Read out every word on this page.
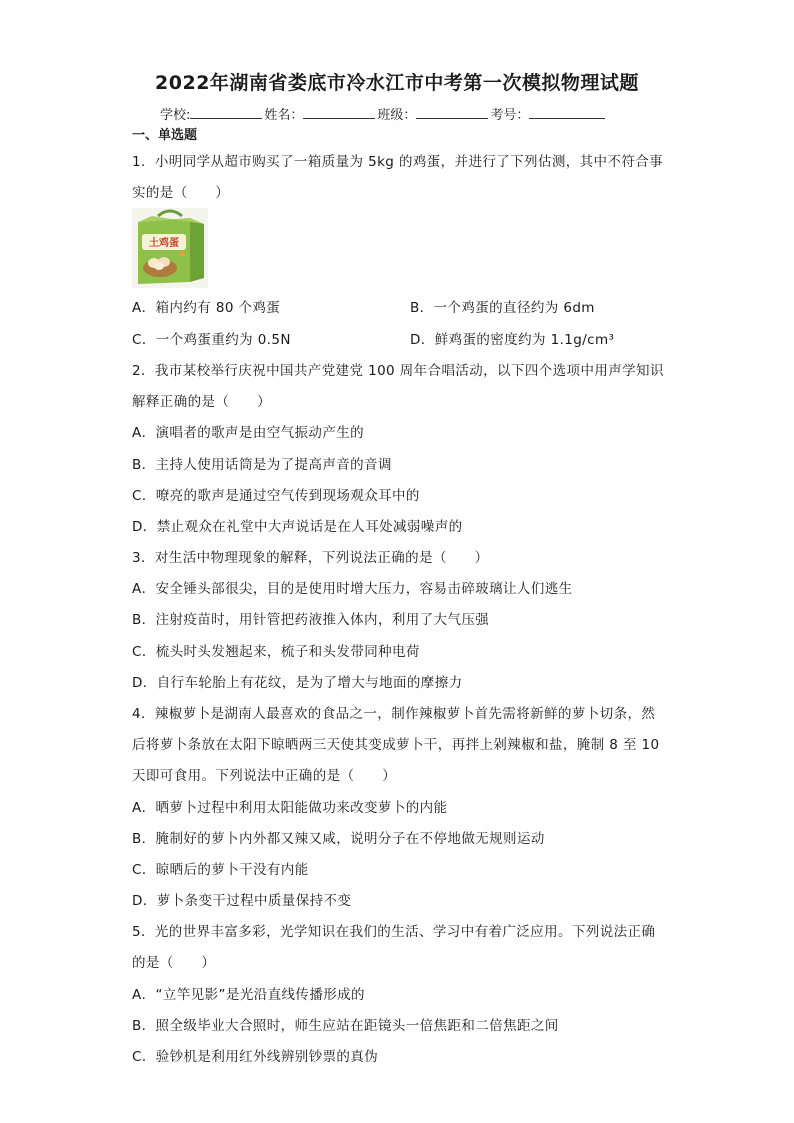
2022年湖南省娄底市冷水江市中考第一次模拟物理试题
学校:	姓名：	班级：	考号：
一、单选题
1．小明同学从超市购买了一箱质量为 5kg 的鸡蛋，并进行了下列估测，其中不符合事
实的是（　　）
土鸡蛋
A．箱内约有 80 个鸡蛋	B．一个鸡蛋的直径约为 6dm
C．一个鸡蛋重约为 0.5N	D．鲜鸡蛋的密度约为 1.1g/cm³
2．我市某校举行庆祝中国共产党建党 100 周年合唱活动，以下四个选项中用声学知识
解释正确的是（　　）
A．演唱者的歌声是由空气振动产生的
B．主持人使用话筒是为了提高声音的音调
C．嘹亮的歌声是通过空气传到现场观众耳中的
D．禁止观众在礼堂中大声说话是在人耳处减弱噪声的
3．对生活中物理现象的解释，下列说法正确的是（　　）
A．安全锤头部很尖，目的是使用时增大压力，容易击碎玻璃让人们逃生
B．注射疫苗时，用针管把药液推入体内，利用了大气压强
C．梳头时头发翘起来，梳子和头发带同种电荷
D．自行车轮胎上有花纹，是为了增大与地面的摩擦力
4．辣椒萝卜是湖南人最喜欢的食品之一，制作辣椒萝卜首先需将新鲜的萝卜切条，然
后将萝卜条放在太阳下晾晒两三天使其变成萝卜干，再拌上剁辣椒和盐，腌制 8 至 10
天即可食用。下列说法中正确的是（　　）
A．晒萝卜过程中利用太阳能做功来改变萝卜的内能
B．腌制好的萝卜内外都又辣又咸，说明分子在不停地做无规则运动
C．晾晒后的萝卜干没有内能
D．萝卜条变干过程中质量保持不变
5．光的世界丰富多彩，光学知识在我们的生活、学习中有着广泛应用。下列说法正确
的是（　　）
A．“立竿见影”是光沿直线传播形成的
B．照全级毕业大合照时，师生应站在距镜头一倍焦距和二倍焦距之间
C．验钞机是利用红外线辨别钞票的真伪
